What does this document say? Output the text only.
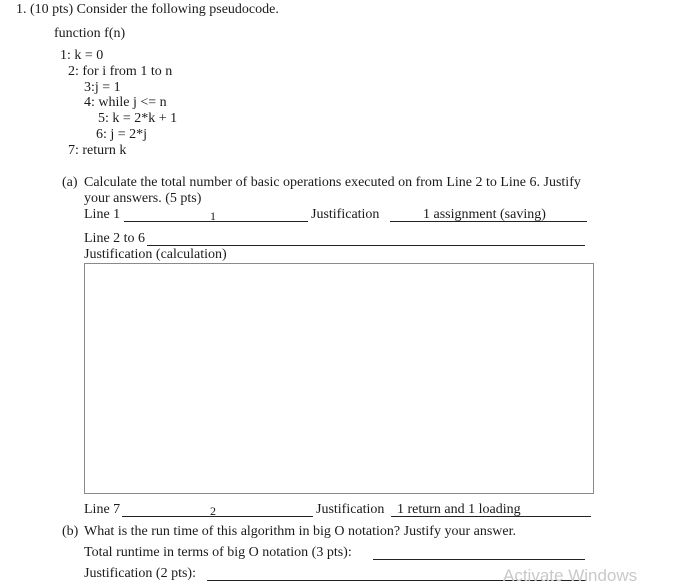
1. (10 pts) Consider the following pseudocode.
function f(n)
1: k = 0
2: for i from 1 to n
3:j = 1
4: while j <= n
5: k = 2*k + 1
6: j = 2*j
7: return k
(a) Calculate the total number of basic operations executed on from Line 2 to Line 6. Justify
your answers. (5 pts)
Line 1	1	Justification	1 assignment (saving)
Line 2 to 6
Justification (calculation)
Line 7	2	Justification 1 return and 1 loading
(b) What is the run time of this algorithm in big O notation? Justify your answer.
Total runtime in terms of big O notation (3 pts):
Justification (2 pts):	Activate Windows
